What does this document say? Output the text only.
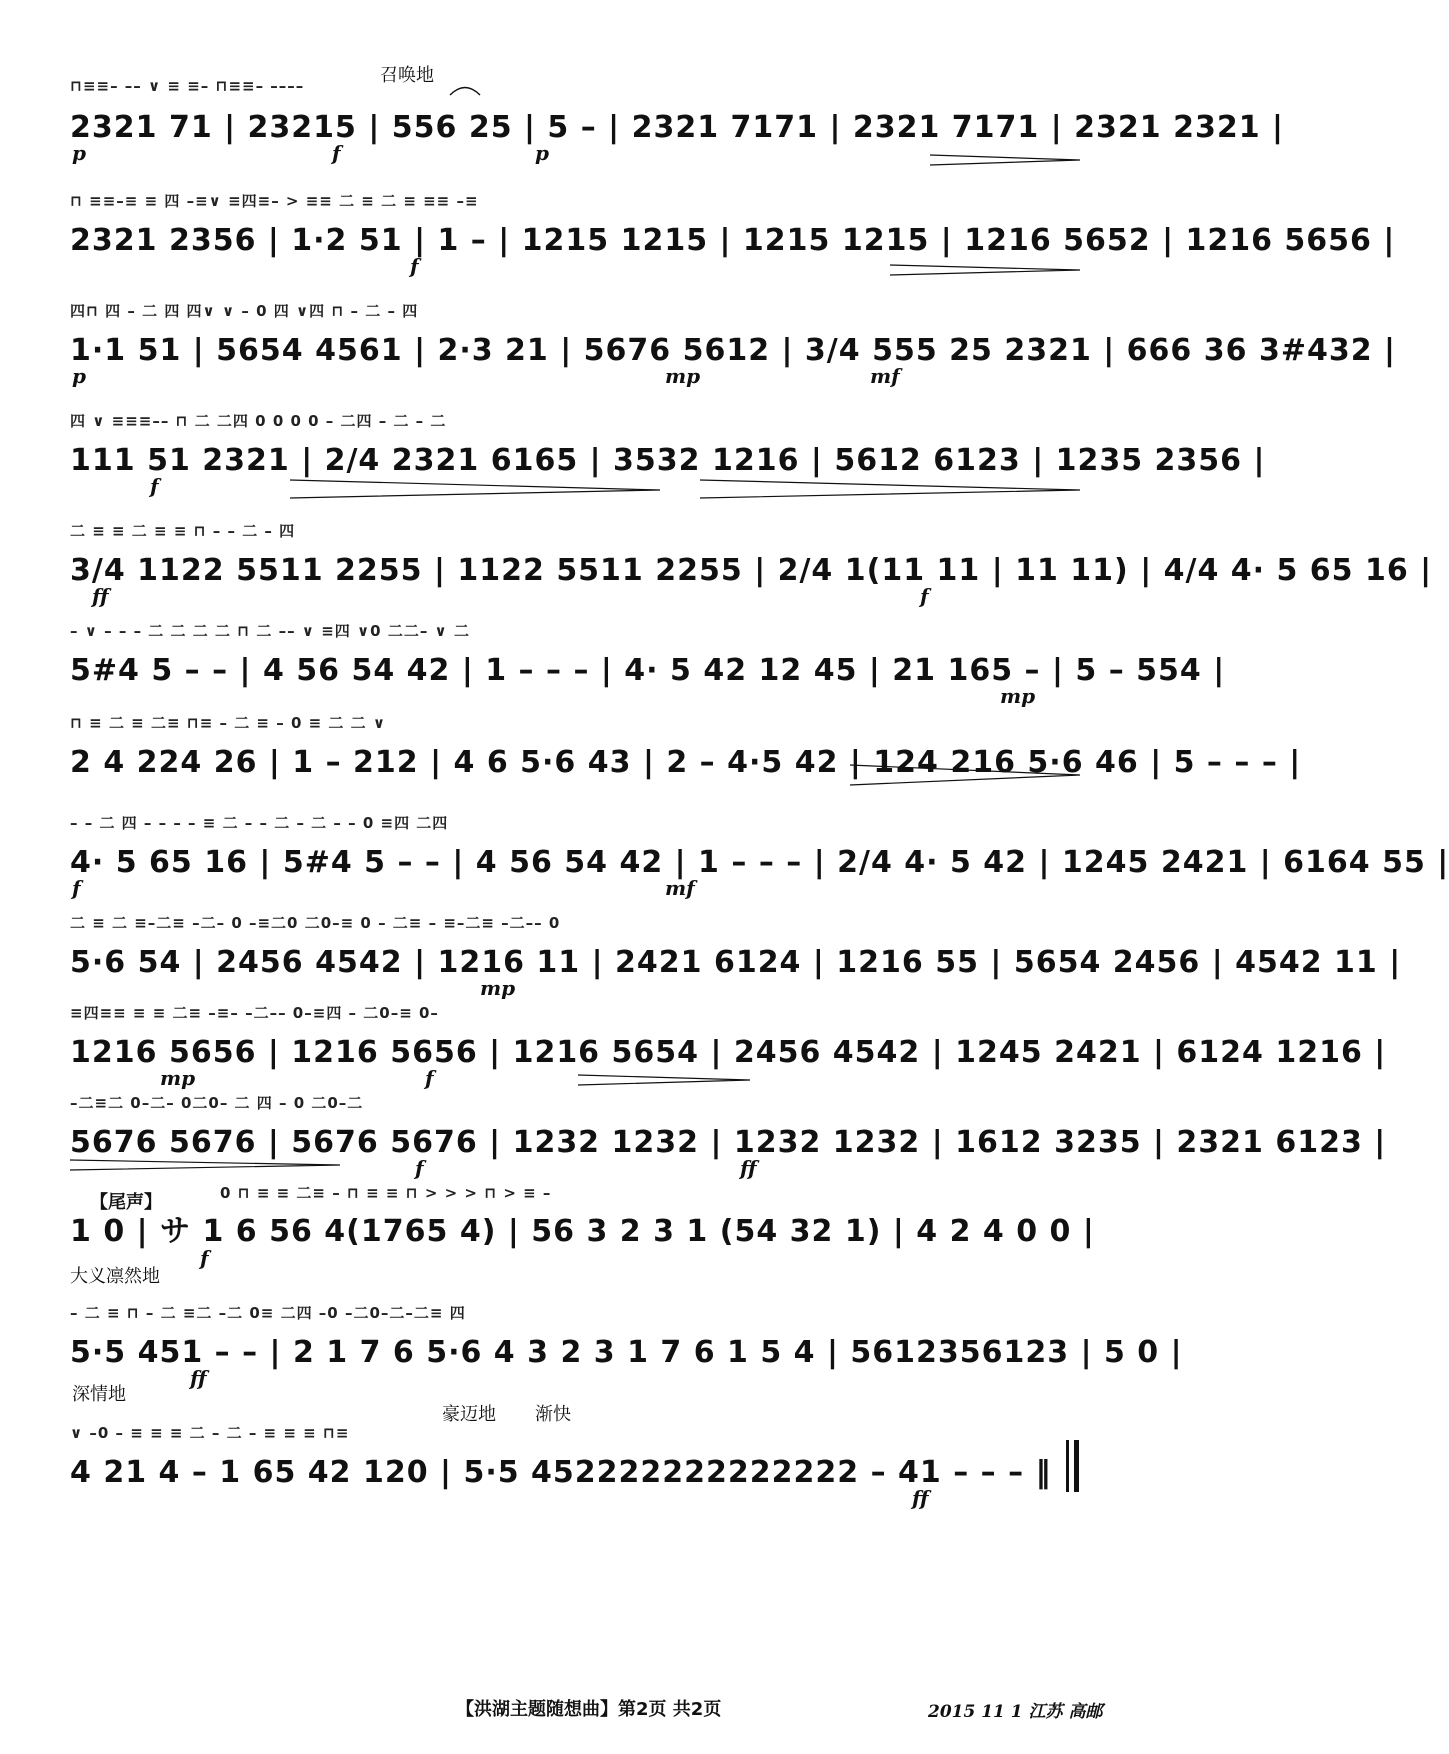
召唤地
⊓≡≡– –– ∨ ≡ ≡– ⊓≡≡– ––––
2321 71 | 23215 | 556 25 | 5 – | 2321 7171 | 2321 7171 | 2321 2321 |
p	f	p
⊓ ≡≡–≡ ≡ 四 –≡∨ ≡四≡– > ≡≡ 二 ≡ 二 ≡ ≡≡ –≡
2321 2356 | 1·2 51 | 1 – | 1215 1215 | 1215 1215 | 1216 5652 | 1216 5656 |
f
四⊓ 四 – 二 四 四∨ ∨ – 0 四 ∨四 ⊓ – 二 – 四
1·1 51 | 5654 4561 | 2·3 21 | 5676 5612 | 3/4 555 25 2321 | 666 36 3#432 |
p	mp	mf
四 ∨ ≡≡≡–– ⊓ 二 二四 0 0 0 0 – 二四 – 二 – 二
111 51 2321 | 2/4 2321 6165 | 3532 1216 | 5612 6123 | 1235 2356 |
f
二 ≡ ≡ 二 ≡ ≡ ⊓ – – 二 – 四
3/4 1122 5511 2255 | 1122 5511 2255 | 2/4 1(11 11 | 11 11) | 4/4 4· 5 65 16 |
ff	f
– ∨ – – – 二 二 二 二 ⊓ 二 –– ∨ ≡四 ∨0 二二– ∨ 二
5#4 5 – – | 4 56 54 42 | 1 – – – | 4· 5 42 12 45 | 21 165 – | 5 – 554 |
mp
⊓ ≡ 二 ≡ 二≡ ⊓≡ – 二 ≡ – 0 ≡ 二 二 ∨
2 4 224 26 | 1 – 212 | 4 6 5·6 43 | 2 – 4·5 42 | 124 216 5·6 46 | 5 – – – |
– – 二 四 – – – – ≡ 二 – – 二 – 二 – – 0 ≡四 二四
4· 5 65 16 | 5#4 5 – – | 4 56 54 42 | 1 – – – | 2/4 4· 5 42 | 1245 2421 | 6164 55 |
f	mf
二 ≡ 二 ≡–二≡ –二– 0 –≡二0 二0–≡ 0 – 二≡ – ≡–二≡ –二–– 0
5·6 54 | 2456 4542 | 1216 11 | 2421 6124 | 1216 55 | 5654 2456 | 4542 11 |
mp
≡四≡≡ ≡ ≡ 二≡ –≡– –二–– 0–≡四 – 二0–≡ 0–
1216 5656 | 1216 5656 | 1216 5654 | 2456 4542 | 1245 2421 | 6124 1216 |
mp	f
–二≡二 0–二– 0二0– 二 四 – 0 二0–二
5676 5676 | 5676 5676 | 1232 1232 | 1232 1232 | 1612 3235 | 2321 6123 |
f	ff
【尾声】	0 ⊓ ≡ ≡ 二≡ – ⊓ ≡ ≡ ⊓ > > > ⊓ > ≡ –
1 0 | サ 1 6 56 4(1765 4) | 56 3 2 3 1 (54 32 1) | 4 2 4 0 0 |
f
大义凛然地
– 二 ≡ ⊓ – 二 ≡二 –二 0≡ 二四 –0 –二0–二–二≡ 四
5·5 451 – – | 2 1 7 6 5·6 4 3 2 3 1 7 6 1 5 4 | 5612356123 | 5 0 |
ff
深情地
豪迈地 渐快
∨ –0 – ≡ ≡ ≡ 二 – 二 – ≡ ≡ ≡ ⊓≡
4 21 4 – 1 65 42 120 | 5·5 452222222222222 – 41 – – – ‖
ff
【洪湖主题随想曲】第2页 共2页	2015 11 1 江苏 高邮
